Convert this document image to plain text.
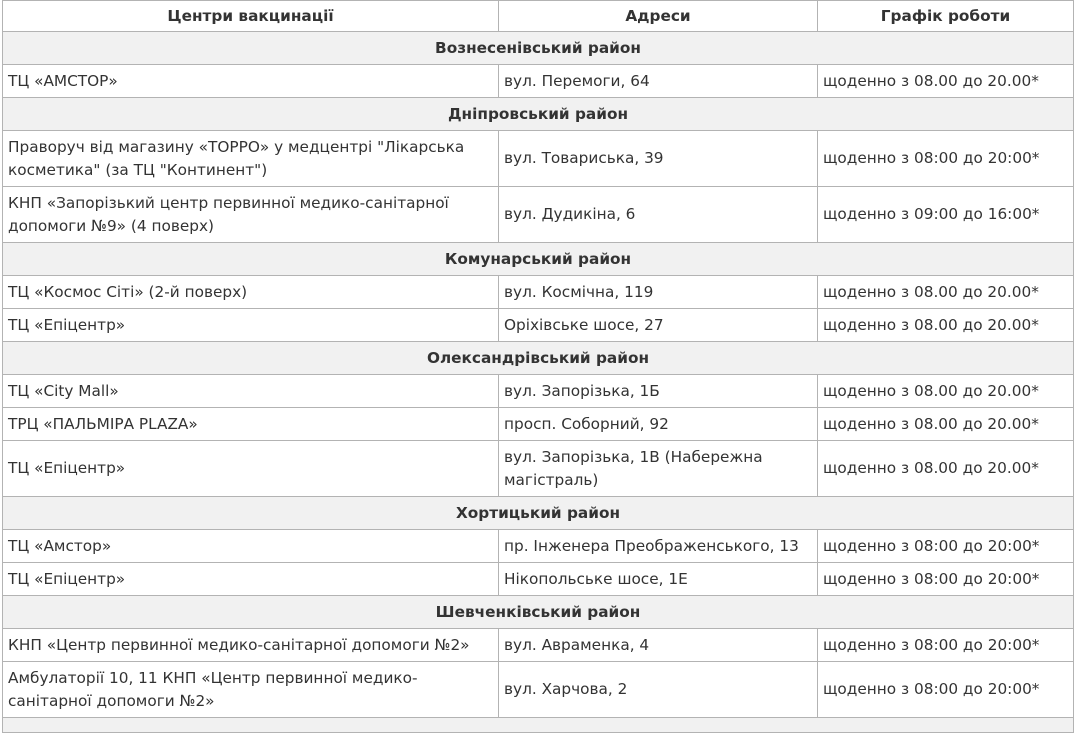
Центри вакцинації	Адреси	Графік роботи
Вознесенівський район		
ТЦ «АМСТОР»	вул. Перемоги, 64	щоденно з 08.00 до 20.00*
Дніпровський район		
Праворуч від магазину «ТОРРО» у медцентрі "Лікарська косметика" (за ТЦ "Континент")	вул. Товариська, 39	щоденно з 08:00 до 20:00*
КНП «Запорізький центр первинної медико-санітарної допомоги №9» (4 поверх)	вул. Дудикіна, 6	щоденно з 09:00 до 16:00*
Комунарський район		
ТЦ «Космос Сіті» (2-й поверх)	вул. Космічна, 119	щоденно з 08.00 до 20.00*
ТЦ «Епіцентр»	Оріхівське шосе, 27	щоденно з 08.00 до 20.00*
Олександрівський район		
ТЦ «City Mall»	вул. Запорізька, 1Б	щоденно з 08.00 до 20.00*
ТРЦ «ПАЛЬМІРА PLAZA»	просп. Соборний, 92	щоденно з 08.00 до 20.00*
ТЦ «Епіцентр»	вул. Запорізька, 1В (Набережна магістраль)	щоденно з 08.00 до 20.00*
Хортицький район		
ТЦ «Амстор»	пр. Інженера Преображенського, 13	щоденно з 08:00 до 20:00*
ТЦ «Епіцентр»	Нікопольське шосе, 1Е	щоденно з 08:00 до 20:00*
Шевченківський район		
КНП «Центр первинної медико-санітарної допомоги №2»	вул. Авраменка, 4	щоденно з 08:00 до 20:00*
Амбулаторії 10, 11 КНП «Центр первинної медико-санітарної допомоги №2»	вул. Харчова, 2	щоденно з 08:00 до 20:00*
